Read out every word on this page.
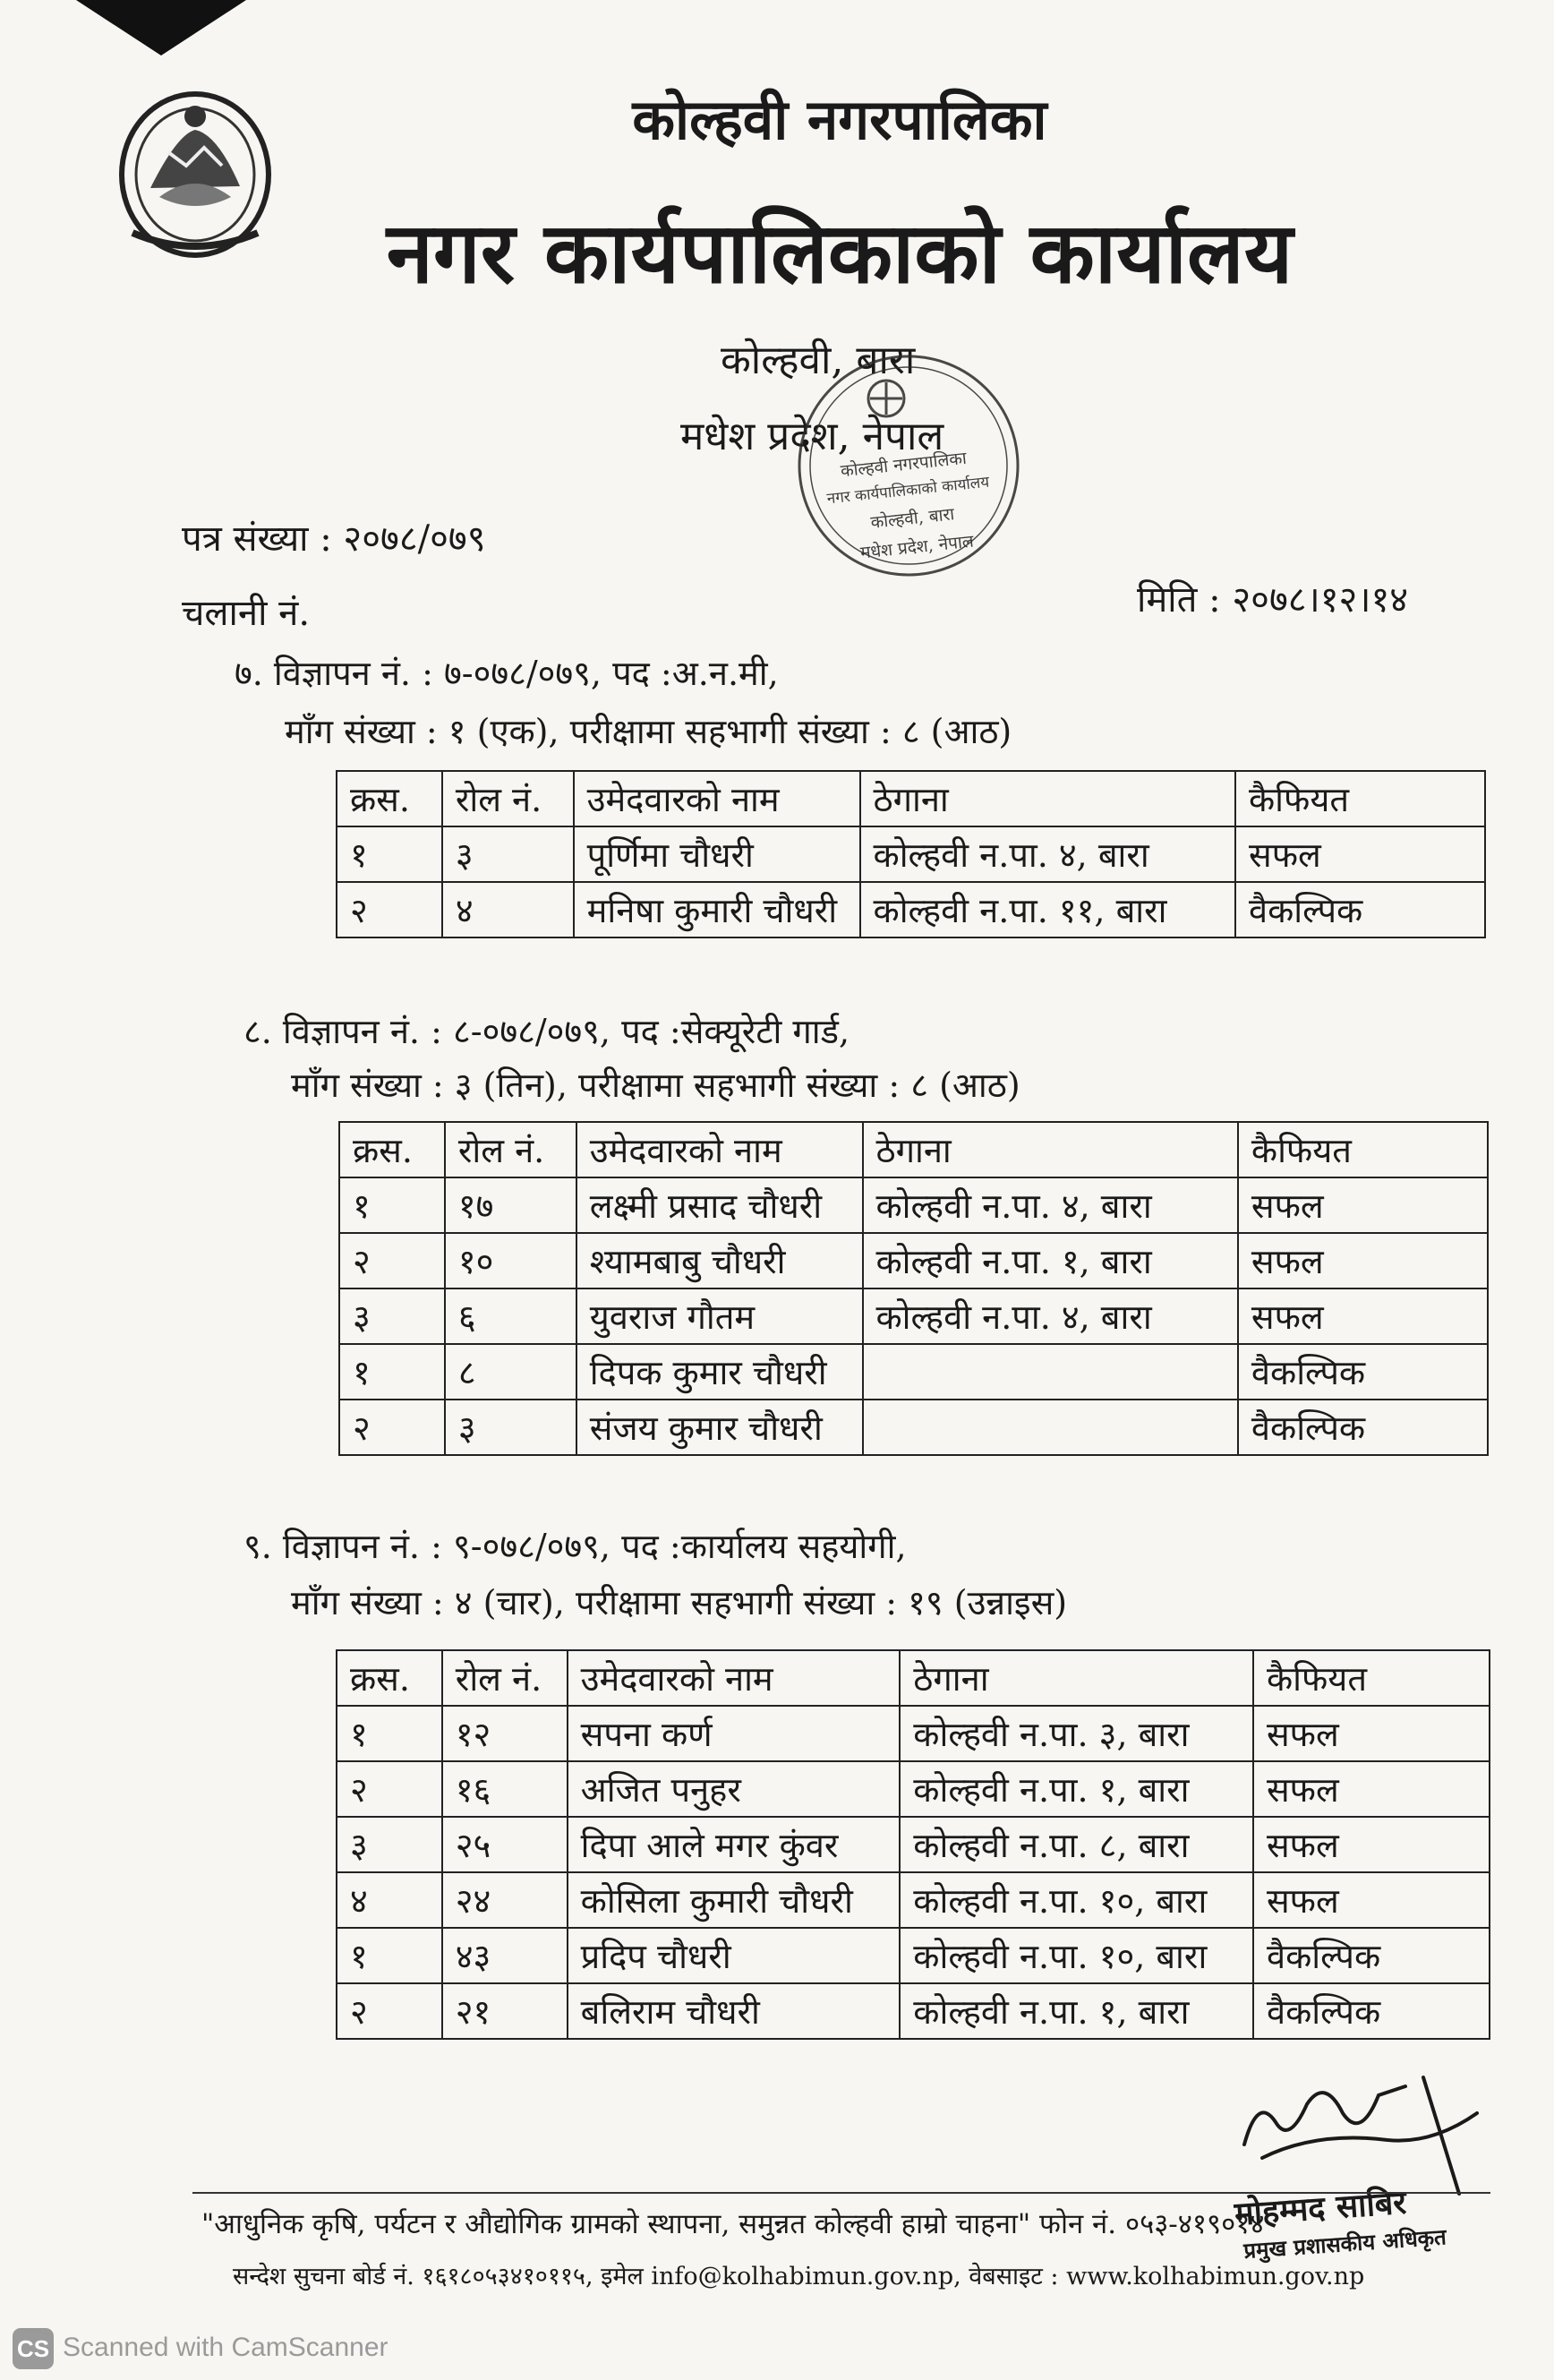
कोल्हवी नगरपालिका
नगर कार्यपालिकाको कार्यालय
कोल्हवी, बारा
मधेश प्रदेश, नेपाल
कोल्हवी नगरपालिका
नगर कार्यपालिकाको कार्यालय
कोल्हवी, बारा
मधेश प्रदेश, नेपाल
पत्र संख्या : २०७८/०७९
चलानी नं.	मिति : २०७८।१२।१४
७. विज्ञापन नं. : ७-०७८/०७९, पद :अ.न.मी,
माँग संख्या : १ (एक), परीक्षामा सहभागी संख्या : ८ (आठ)
क्रस.	रोल नं.	उमेदवारको नाम	ठेगाना	कैफियत
१	३	पूर्णिमा चौधरी	कोल्हवी न.पा. ४, बारा	सफल
२	४	मनिषा कुमारी चौधरी	कोल्हवी न.पा. ११, बारा	वैकल्पिक
८. विज्ञापन नं. : ८-०७८/०७९, पद :सेक्यूरेटी गार्ड,
माँग संख्या : ३ (तिन), परीक्षामा सहभागी संख्या : ८ (आठ)
क्रस.	रोल नं.	उमेदवारको नाम	ठेगाना	कैफियत
१	१७	लक्ष्मी प्रसाद चौधरी	कोल्हवी न.पा. ४, बारा	सफल
२	१०	श्यामबाबु चौधरी	कोल्हवी न.पा. १, बारा	सफल
३	६	युवराज गौतम	कोल्हवी न.पा. ४, बारा	सफल
१	८	दिपक कुमार चौधरी		वैकल्पिक
२	३	संजय कुमार चौधरी		वैकल्पिक
९. विज्ञापन नं. : ९-०७८/०७९, पद :कार्यालय सहयोगी,
माँग संख्या : ४ (चार), परीक्षामा सहभागी संख्या : १९ (उन्नाइस)
क्रस.	रोल नं.	उमेदवारको नाम	ठेगाना	कैफियत
१	१२	सपना कर्ण	कोल्हवी न.पा. ३, बारा	सफल
२	१६	अजित पनुहर	कोल्हवी न.पा. १, बारा	सफल
३	२५	दिपा आले मगर कुंवर	कोल्हवी न.पा. ८, बारा	सफल
४	२४	कोसिला कुमारी चौधरी	कोल्हवी न.पा. १०, बारा	सफल
१	४३	प्रदिप चौधरी	कोल्हवी न.पा. १०, बारा	वैकल्पिक
२	२१	बलिराम चौधरी	कोल्हवी न.पा. १, बारा	वैकल्पिक
मोहम्मद साबिर
प्रमुख प्रशासकीय अधिकृत
"आधुनिक कृषि, पर्यटन र औद्योगिक ग्रामको स्थापना, समुन्नत कोल्हवी हाम्रो चाहना" फोन नं. ०५३-४१९०१४
सन्देश सुचना बोर्ड नं. १६१८०५३४१०११५, इमेल info@kolhabimun.gov.np, वेबसाइट : www.kolhabimun.gov.np
CS Scanned with CamScanner
